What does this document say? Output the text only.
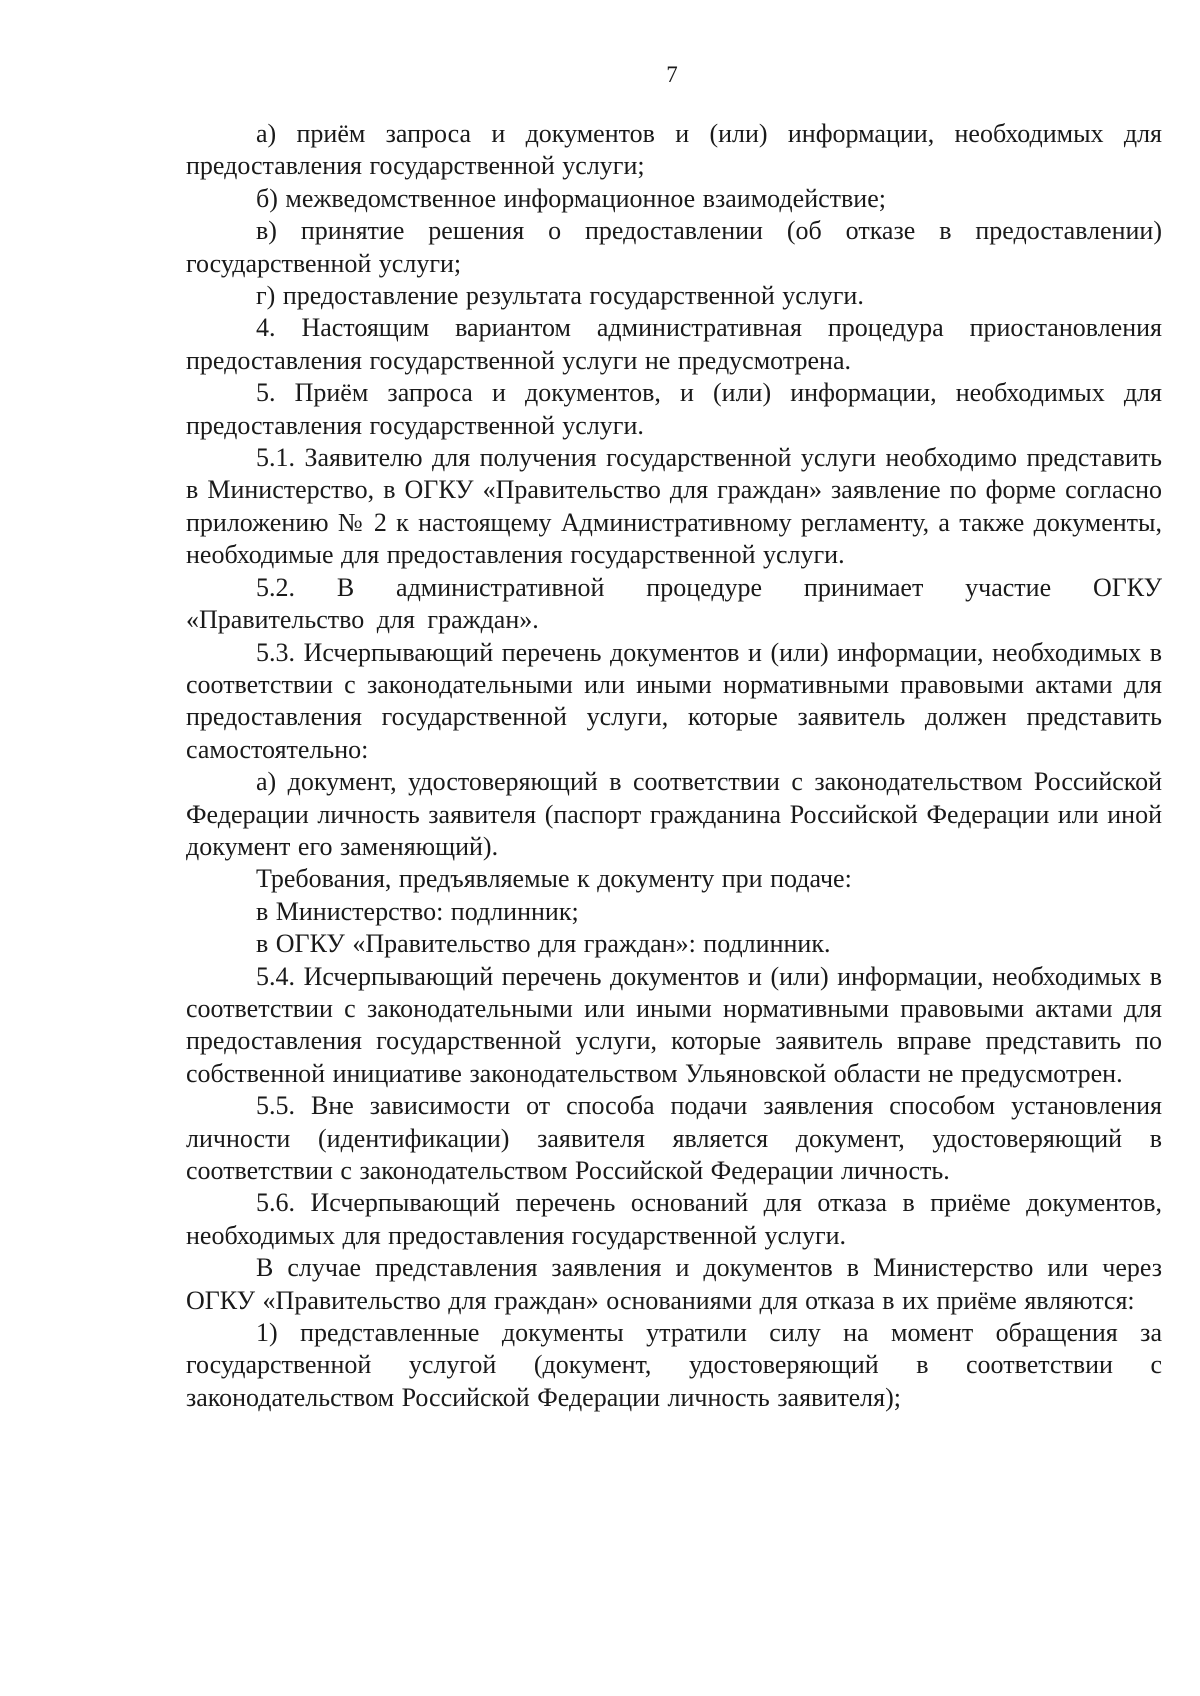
7

а) приём запроса и документов и (или) информации, необходимых для предоставления государственной услуги;

б) межведомственное информационное взаимодействие;

в) принятие решения о предоставлении (об отказе в предоставлении) государственной услуги;

г) предоставление результата государственной услуги.

4. Настоящим вариантом административная процедура приостановления предоставления государственной услуги не предусмотрена.

5. Приём запроса и документов, и (или) информации, необходимых для предоставления государственной услуги.

5.1. Заявителю для получения государственной услуги необходимо представить в Министерство, в ОГКУ «Правительство для граждан» заявление по форме согласно приложению № 2 к настоящему Административному регламенту, а также документы, необходимые для предоставления государственной услуги.

5.2. В административной процедуре принимает участие ОГКУ «Правительство для граждан».

5.3. Исчерпывающий перечень документов и (или) информации, необходимых в соответствии с законодательными или иными нормативными правовыми актами для предоставления государственной услуги, которые заявитель должен представить самостоятельно:

а) документ, удостоверяющий в соответствии с законодательством Российской Федерации личность заявителя (паспорт гражданина Российской Федерации или иной документ его заменяющий).

Требования, предъявляемые к документу при подаче:

в Министерство: подлинник;

в ОГКУ «Правительство для граждан»: подлинник.

5.4. Исчерпывающий перечень документов и (или) информации, необходимых в соответствии с законодательными или иными нормативными правовыми актами для предоставления государственной услуги, которые заявитель вправе представить по собственной инициативе законодательством Ульяновской области не предусмотрен.

5.5. Вне зависимости от способа подачи заявления способом установления личности (идентификации) заявителя является документ, удостоверяющий в соответствии с законодательством Российской Федерации личность.

5.6. Исчерпывающий перечень оснований для отказа в приёме документов, необходимых для предоставления государственной услуги.

В случае представления заявления и документов в Министерство или через ОГКУ «Правительство для граждан» основаниями для отказа в их приёме являются:

1) представленные документы утратили силу на момент обращения за государственной услугой (документ, удостоверяющий в соответствии с законодательством Российской Федерации личность заявителя);
